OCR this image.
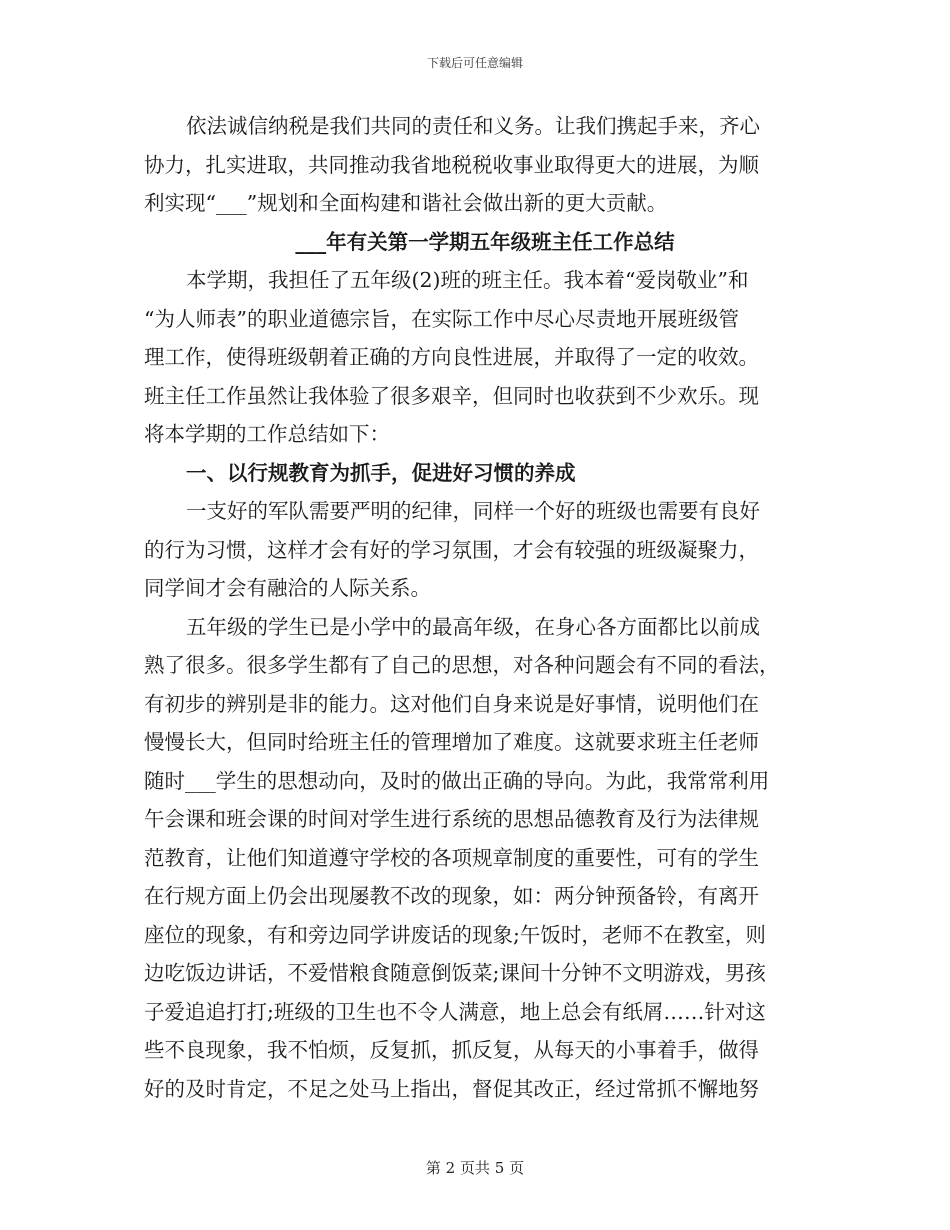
下载后可任意编辑
依法诚信纳税是我们共同的责任和义务。让我们携起手来，齐心
协力，扎实进取，共同推动我省地税税收事业取得更大的进展，为顺
利实现“___”规划和全面构建和谐社会做出新的更大贡献。
___年有关第一学期五年级班主任工作总结
本学期，我担任了五年级(2)班的班主任。我本着“爱岗敬业”和
“为人师表”的职业道德宗旨，在实际工作中尽心尽责地开展班级管
理工作，使得班级朝着正确的方向良性进展，并取得了一定的收效。
班主任工作虽然让我体验了很多艰辛，但同时也收获到不少欢乐。现
将本学期的工作总结如下：
一、以行规教育为抓手，促进好习惯的养成
一支好的军队需要严明的纪律，同样一个好的班级也需要有良好
的行为习惯，这样才会有好的学习氛围，才会有较强的班级凝聚力，
同学间才会有融洽的人际关系。
五年级的学生已是小学中的最高年级，在身心各方面都比以前成
熟了很多。很多学生都有了自己的思想，对各种问题会有不同的看法，
有初步的辨别是非的能力。这对他们自身来说是好事情，说明他们在
慢慢长大，但同时给班主任的管理增加了难度。这就要求班主任老师
随时___学生的思想动向，及时的做出正确的导向。为此，我常常利用
午会课和班会课的时间对学生进行系统的思想品德教育及行为法律规
范教育，让他们知道遵守学校的各项规章制度的重要性，可有的学生
在行规方面上仍会出现屡教不改的现象，如：两分钟预备铃，有离开
座位的现象，有和旁边同学讲废话的现象;午饭时，老师不在教室，则
边吃饭边讲话，不爱惜粮食随意倒饭菜;课间十分钟不文明游戏，男孩
子爱追追打打;班级的卫生也不令人满意，地上总会有纸屑……针对这
些不良现象，我不怕烦，反复抓，抓反复，从每天的小事着手，做得
好的及时肯定，不足之处马上指出，督促其改正，经过常抓不懈地努
第 2 页共 5 页
